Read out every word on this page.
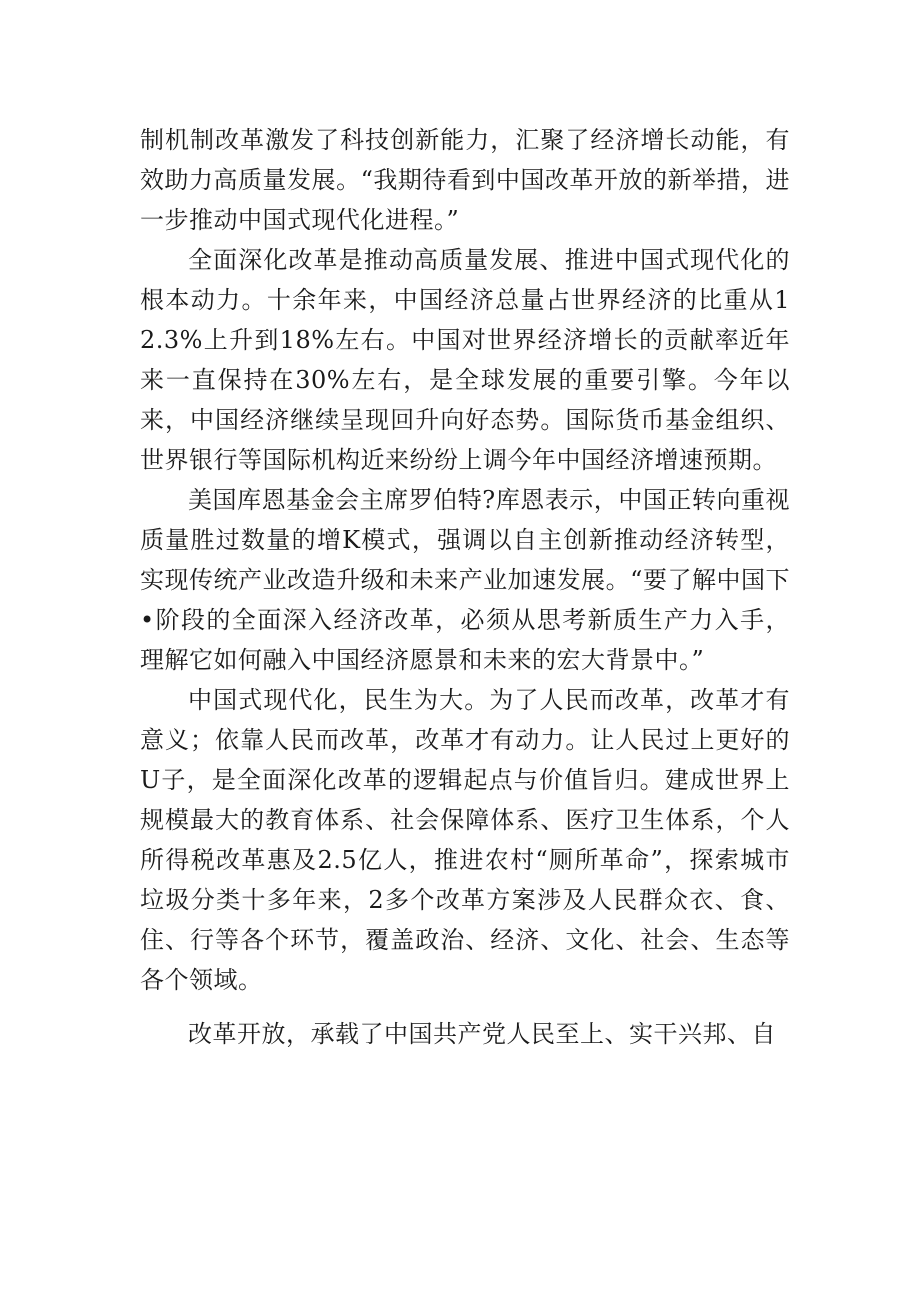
制机制改革激发了科技创新能力，汇聚了经济增长动能，有效助力高质量发展。“我期待看到中国改革开放的新举措，进一步推动中国式现代化进程。”

全面深化改革是推动高质量发展、推进中国式现代化的根本动力。十余年来，中国经济总量占世界经济的比重从12.3%上升到18%左右。中国对世界经济增长的贡献率近年来一直保持在30%左右，是全球发展的重要引擎。今年以来，中国经济继续呈现回升向好态势。国际货币基金组织、世界银行等国际机构近来纷纷上调今年中国经济增速预期。

美国库恩基金会主席罗伯特?库恩表示，中国正转向重视质量胜过数量的增K模式，强调以自主创新推动经济转型，实现传统产业改造升级和未来产业加速发展。“要了解中国下•阶段的全面深入经济改革，必须从思考新质生产力入手，理解它如何融入中国经济愿景和未来的宏大背景中。”

中国式现代化，民生为大。为了人民而改革，改革才有意义；依靠人民而改革，改革才有动力。让人民过上更好的U子，是全面深化改革的逻辑起点与价值旨归。建成世界上规模最大的教育体系、社会保障体系、医疗卫生体系，个人所得税改革惠及2.5亿人，推进农村“厕所革命”，探索城市垃圾分类十多年来，2多个改革方案涉及人民群众衣、食、住、行等各个环节，覆盖政治、经济、文化、社会、生态等各个领域。

改革开放，承载了中国共产党人民至上、实干兴邦、自
